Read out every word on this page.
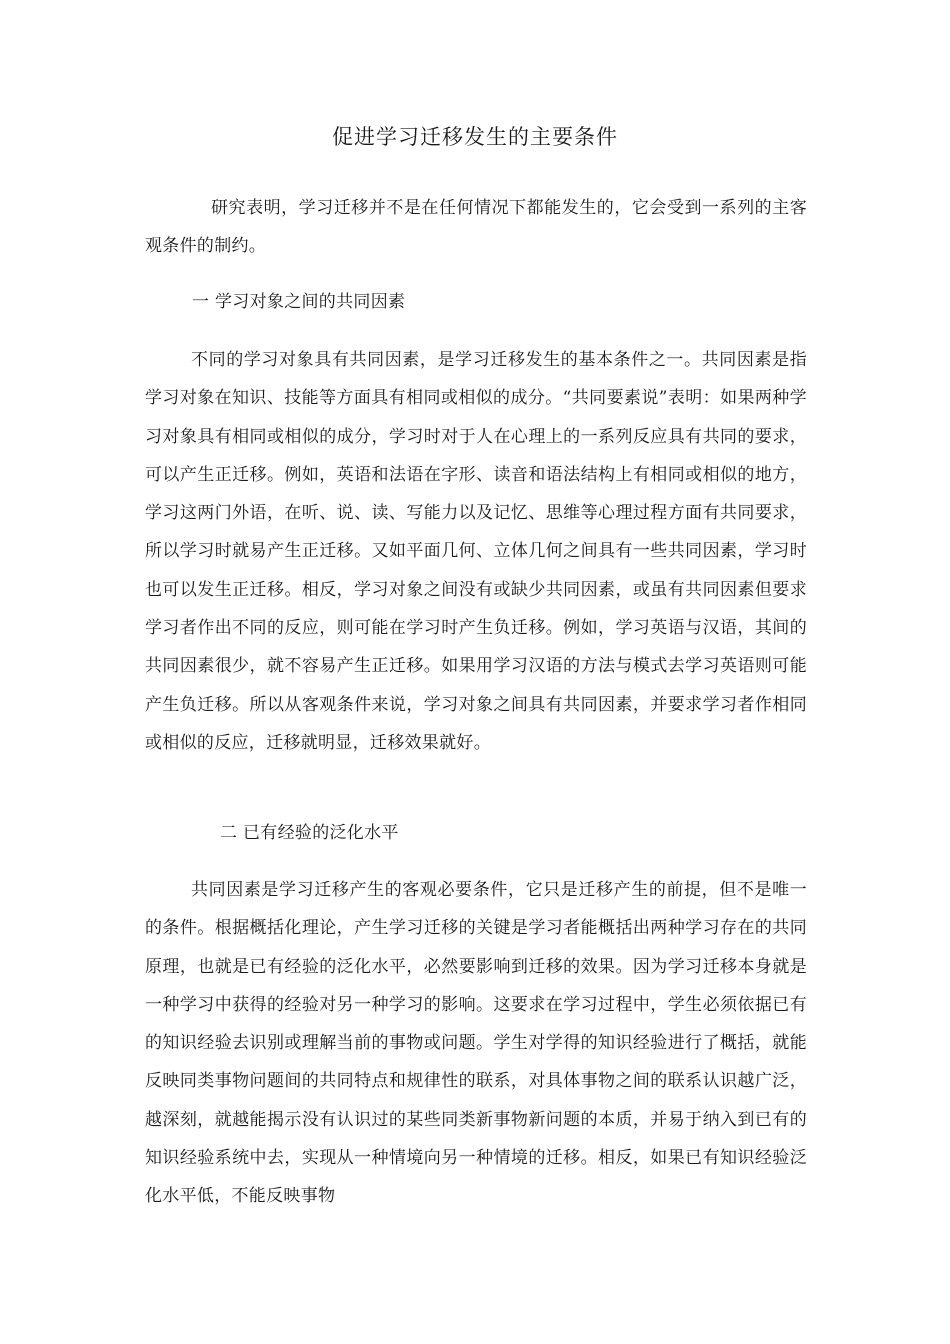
促进学习迁移发生的主要条件

研究表明，学习迁移并不是在任何情况下都能发生的，它会受到一系列的主客观条件的制约。

一 学习对象之间的共同因素

不同的学习对象具有共同因素，是学习迁移发生的基本条件之一。共同因素是指学习对象在知识、技能等方面具有相同或相似的成分。“共同要素说”表明：如果两种学习对象具有相同或相似的成分，学习时对于人在心理上的一系列反应具有共同的要求，可以产生正迁移。例如，英语和法语在字形、读音和语法结构上有相同或相似的地方，学习这两门外语，在听、说、读、写能力以及记忆、思维等心理过程方面有共同要求，所以学习时就易产生正迁移。又如平面几何、立体几何之间具有一些共同因素，学习时也可以发生正迁移。相反，学习对象之间没有或缺少共同因素，或虽有共同因素但要求学习者作出不同的反应，则可能在学习时产生负迁移。例如，学习英语与汉语，其间的共同因素很少，就不容易产生正迁移。如果用学习汉语的方法与模式去学习英语则可能产生负迁移。所以从客观条件来说，学习对象之间具有共同因素，并要求学习者作相同或相似的反应，迁移就明显，迁移效果就好。

二 已有经验的泛化水平

共同因素是学习迁移产生的客观必要条件，它只是迁移产生的前提，但不是唯一的条件。根据概括化理论，产生学习迁移的关键是学习者能概括出两种学习存在的共同原理，也就是已有经验的泛化水平，必然要影响到迁移的效果。因为学习迁移本身就是一种学习中获得的经验对另一种学习的影响。这要求在学习过程中，学生必须依据已有的知识经验去识别或理解当前的事物或问题。学生对学得的知识经验进行了概括，就能反映同类事物问题间的共同特点和规律性的联系，对具体事物之间的联系认识越广泛，越深刻，就越能揭示没有认识过的某些同类新事物新问题的本质，并易于纳入到已有的知识经验系统中去，实现从一种情境向另一种情境的迁移。相反，如果已有知识经验泛化水平低，不能反映事物
